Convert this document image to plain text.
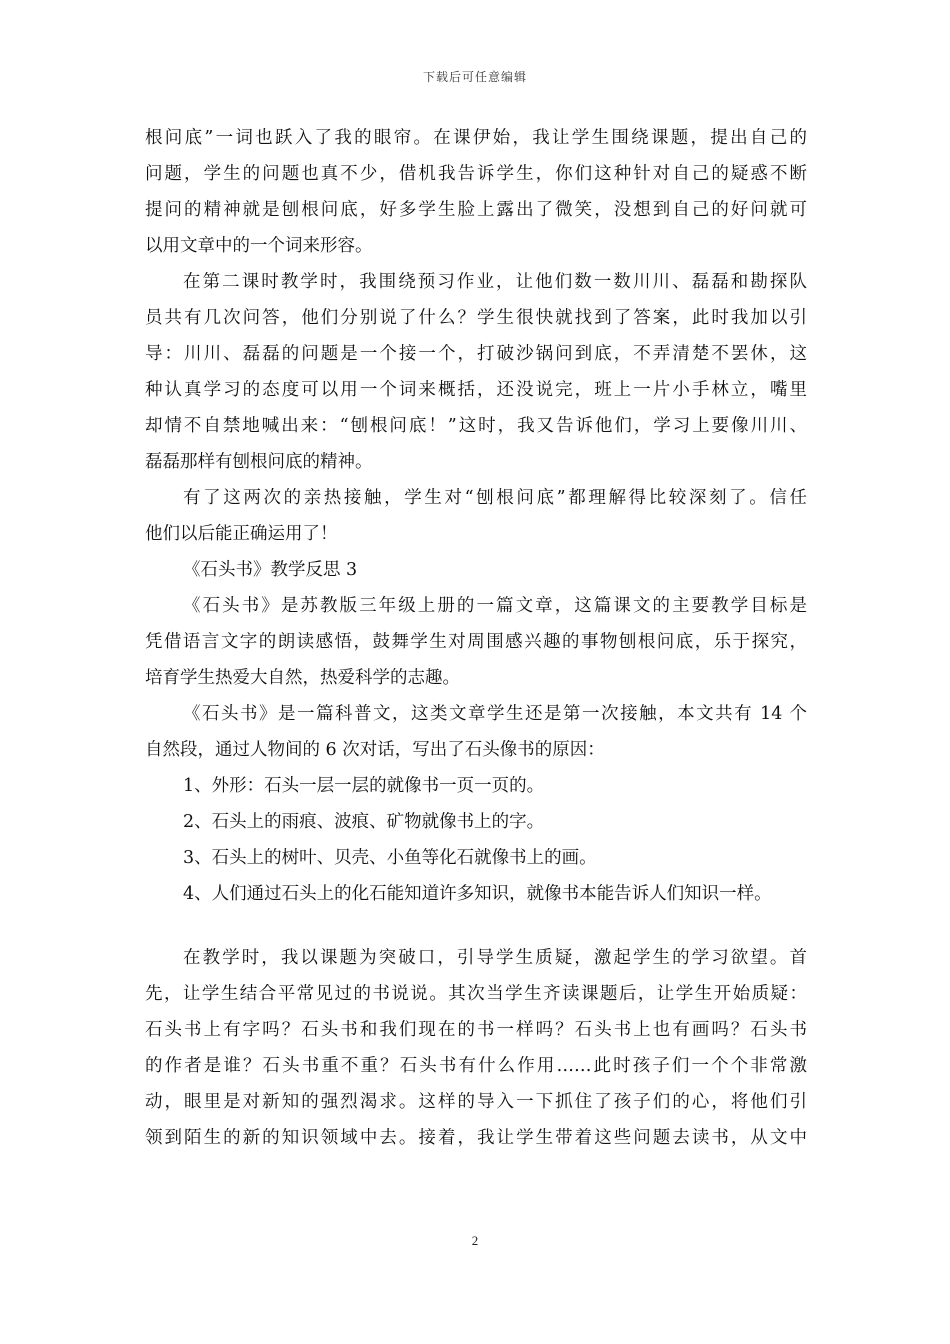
下载后可任意编辑
根问底”一词也跃入了我的眼帘。在课伊始，我让学生围绕课题，提出自己的
问题，学生的问题也真不少，借机我告诉学生，你们这种针对自己的疑惑不断
提问的精神就是刨根问底，好多学生脸上露出了微笑，没想到自己的好问就可
以用文章中的一个词来形容。
在第二课时教学时，我围绕预习作业，让他们数一数川川、磊磊和勘探队
员共有几次问答，他们分别说了什么？学生很快就找到了答案，此时我加以引
导：川川、磊磊的问题是一个接一个，打破沙锅问到底，不弄清楚不罢休，这
种认真学习的态度可以用一个词来概括，还没说完，班上一片小手林立，嘴里
却情不自禁地喊出来：“刨根问底！”这时，我又告诉他们，学习上要像川川、
磊磊那样有刨根问底的精神。
有了这两次的亲热接触，学生对“刨根问底”都理解得比较深刻了。信任
他们以后能正确运用了！
《石头书》教学反思 3
《石头书》是苏教版三年级上册的一篇文章，这篇课文的主要教学目标是
凭借语言文字的朗读感悟，鼓舞学生对周围感兴趣的事物刨根问底，乐于探究，
培育学生热爱大自然，热爱科学的志趣。
《石头书》是一篇科普文，这类文章学生还是第一次接触，本文共有 14 个
自然段，通过人物间的 6 次对话，写出了石头像书的原因：
1、外形：石头一层一层的就像书一页一页的。
2、石头上的雨痕、波痕、矿物就像书上的字。
3、石头上的树叶、贝壳、小鱼等化石就像书上的画。
4、人们通过石头上的化石能知道许多知识，就像书本能告诉人们知识一样。
在教学时，我以课题为突破口，引导学生质疑，激起学生的学习欲望。首
先，让学生结合平常见过的书说说。其次当学生齐读课题后，让学生开始质疑：
石头书上有字吗？石头书和我们现在的书一样吗？石头书上也有画吗？石头书
的作者是谁？石头书重不重？石头书有什么作用……此时孩子们一个个非常激
动，眼里是对新知的强烈渴求。这样的导入一下抓住了孩子们的心，将他们引
领到陌生的新的知识领域中去。接着，我让学生带着这些问题去读书，从文中
2
